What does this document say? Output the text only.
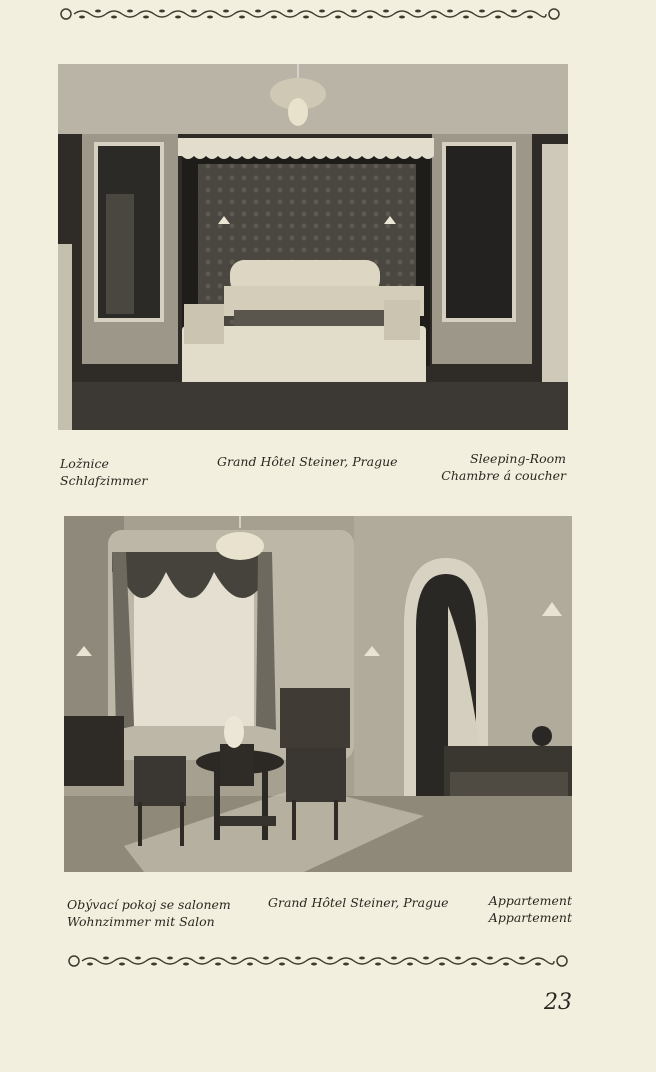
Ložnice
Schlafzimmer
Grand Hôtel Steiner, Prague	Sleeping-Room
Chambre á coucher
Obývací pokoj se salonem
Wohnzimmer mit Salon
Grand Hôtel Steiner, Prague	Appartement
Appartement
23
